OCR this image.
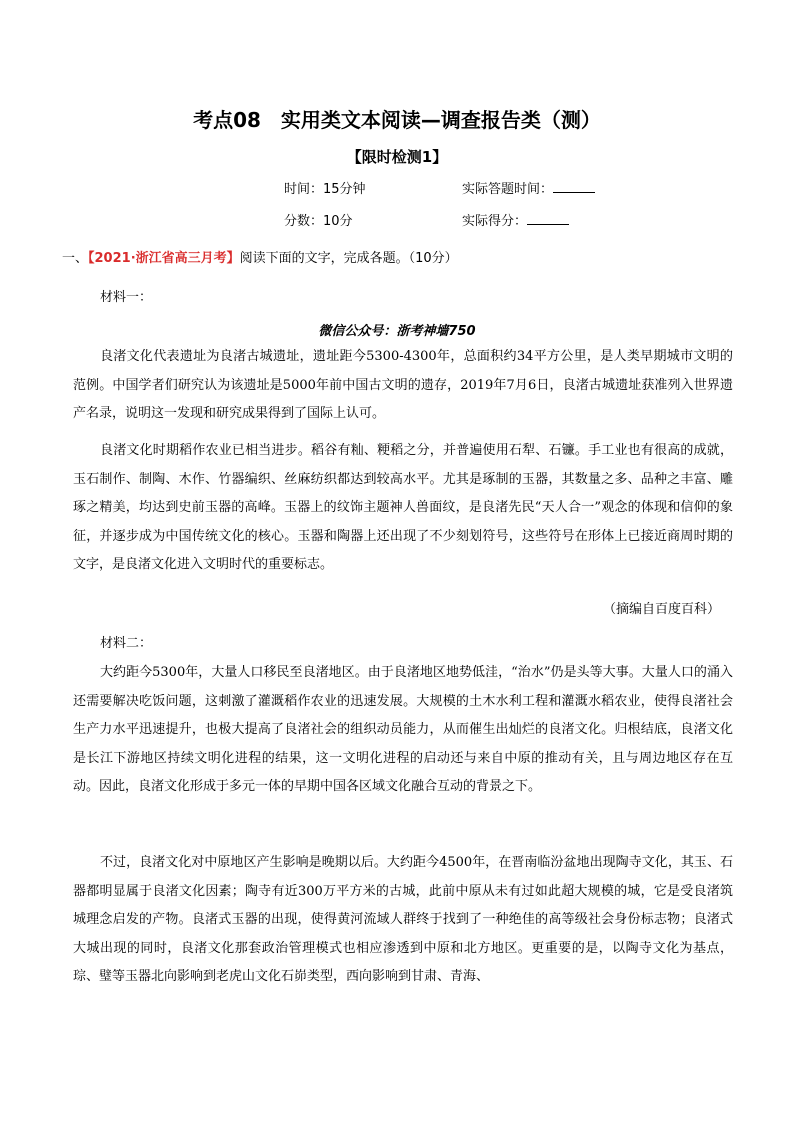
考点08　实用类文本阅读—调查报告类（测）
【限时检测1】
时间：15分钟	实际答题时间：
分数：10分	实际得分：
一、【2021·浙江省高三月考】阅读下面的文字，完成各题。（10分）
材料一：
微信公众号：浙考神墙750

良渚文化代表遗址为良渚古城遗址，遗址距今5300-4300年，总面积约34平方公里，是人类早期城市文明的范例。中国学者们研究认为该遗址是5000年前中国古文明的遗存，2019年7月6日，良渚古城遗址获准列入世界遗产名录，说明这一发现和研究成果得到了国际上认可。

良渚文化时期稻作农业已相当进步。稻谷有籼、粳稻之分，并普遍使用石犁、石镰。手工业也有很高的成就，玉石制作、制陶、木作、竹器编织、丝麻纺织都达到较高水平。尤其是琢制的玉器，其数量之多、品种之丰富、雕琢之精美，均达到史前玉器的高峰。玉器上的纹饰主题神人兽面纹，是良渚先民“天人合一”观念的体现和信仰的象征，并逐步成为中国传统文化的核心。玉器和陶器上还出现了不少刻划符号，这些符号在形体上已接近商周时期的文字，是良渚文化进入文明时代的重要标志。

（摘编自百度百科）
材料二：

大约距今5300年，大量人口移民至良渚地区。由于良渚地区地势低洼，“治水”仍是头等大事。大量人口的涌入还需要解决吃饭问题，这刺激了灌溉稻作农业的迅速发展。大规模的土木水利工程和灌溉水稻农业，使得良渚社会生产力水平迅速提升，也极大提高了良渚社会的组织动员能力，从而催生出灿烂的良渚文化。归根结底，良渚文化是长江下游地区持续文明化进程的结果，这一文明化进程的启动还与来自中原的推动有关，且与周边地区存在互动。因此，良渚文化形成于多元一体的早期中国各区域文化融合互动的背景之下。

不过，良渚文化对中原地区产生影响是晚期以后。大约距今4500年，在晋南临汾盆地出现陶寺文化，其玉、石器都明显属于良渚文化因素；陶寺有近300万平方米的古城，此前中原从未有过如此超大规模的城，它是受良渚筑城理念启发的产物。良渚式玉器的出现，使得黄河流域人群终于找到了一种绝佳的高等级社会身份标志物；良渚式大城出现的同时，良渚文化那套政治管理模式也相应渗透到中原和北方地区。更重要的是，以陶寺文化为基点，琮、璧等玉器北向影响到老虎山文化石峁类型，西向影响到甘肃、青海、
